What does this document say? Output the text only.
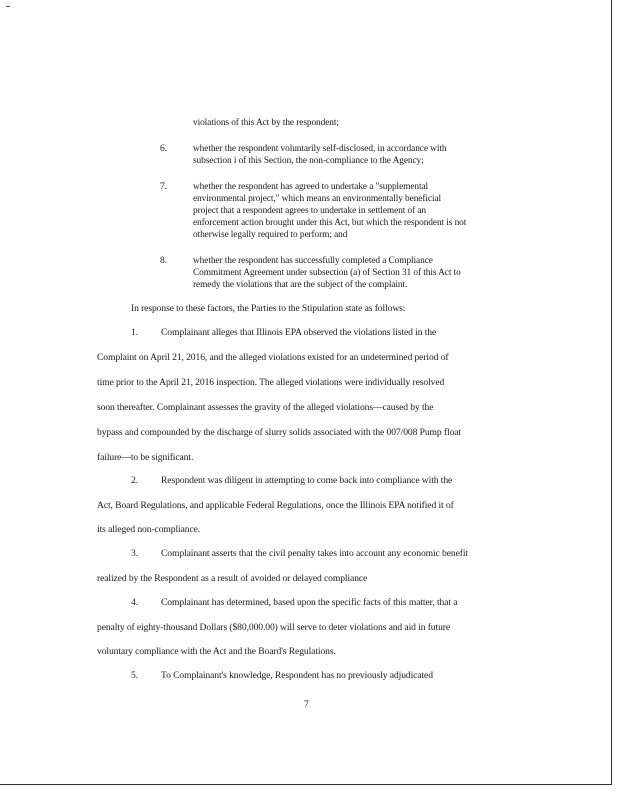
violations of this Act by the respondent;
6.	whether the respondent voluntarily self-disclosed, in accordance with
subsection i of this Section, the non-compliance to the Agency;
7.	whether the respondent has agreed to undertake a "supplemental
environmental project," which means an environmentally beneficial
project that a respondent agrees to undertake in settlement of an
enforcement action brought under this Act, but which the respondent is not
otherwise legally required to perform; and
8.	whether the respondent has successfully completed a Compliance
Commitment Agreement under subsection (a) of Section 31 of this Act to
remedy the violations that are the subject of the complaint.
In response to these factors, the Parties to the Stipulation state as follows:
1. Complainant alleges that Illinois EPA observed the violations listed in the
Complaint on April 21, 2016, and the alleged violations existed for an undetermined period of
time prior to the April 21, 2016 inspection. The alleged violations were individually resolved
soon thereafter. Complainant assesses the gravity of the alleged violations—caused by the
bypass and compounded by the discharge of slurry solids associated with the 007/008 Pump float
failure—to be significant.
2. Respondent was diligent in attempting to come back into compliance with the
Act, Board Regulations, and applicable Federal Regulations, once the Illinois EPA notified it of
its alleged non-compliance.
3. Complainant asserts that the civil penalty takes into account any economic benefit
realized by the Respondent as a result of avoided or delayed compliance
4. Complainant has determined, based upon the specific facts of this matter, that a
penalty of eighty-thousand Dollars ($80,000.00) will serve to deter violations and aid in future
voluntary compliance with the Act and the Board's Regulations.
5. To Complainant's knowledge, Respondent has no previously adjudicated
7
